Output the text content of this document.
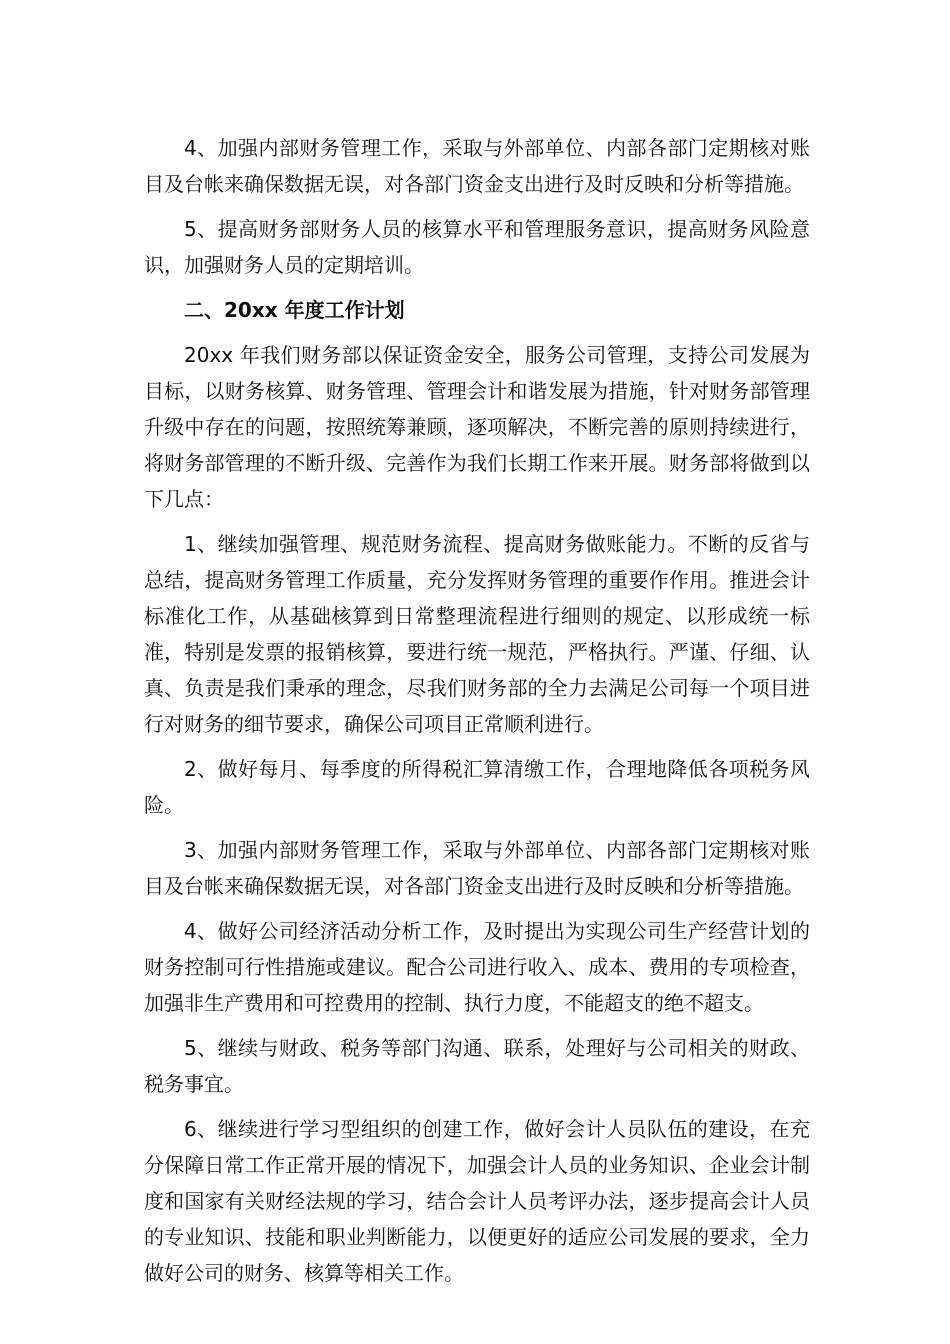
4、加强内部财务管理工作，采取与外部单位、内部各部门定期核对账目及台帐来确保数据无误，对各部门资金支出进行及时反映和分析等措施。

5、提高财务部财务人员的核算水平和管理服务意识，提高财务风险意识，加强财务人员的定期培训。

二、20xx 年度工作计划

20xx 年我们财务部以保证资金安全，服务公司管理，支持公司发展为目标，以财务核算、财务管理、管理会计和谐发展为措施，针对财务部管理升级中存在的问题，按照统筹兼顾，逐项解决，不断完善的原则持续进行，将财务部管理的不断升级、完善作为我们长期工作来开展。财务部将做到以下几点：

1、继续加强管理、规范财务流程、提高财务做账能力。不断的反省与总结，提高财务管理工作质量，充分发挥财务管理的重要作作用。推进会计标准化工作，从基础核算到日常整理流程进行细则的规定、以形成统一标准，特别是发票的报销核算，要进行统一规范，严格执行。严谨、仔细、认真、负责是我们秉承的理念，尽我们财务部的全力去满足公司每一个项目进行对财务的细节要求，确保公司项目正常顺利进行。

2、做好每月、每季度的所得税汇算清缴工作，合理地降低各项税务风险。

3、加强内部财务管理工作，采取与外部单位、内部各部门定期核对账目及台帐来确保数据无误，对各部门资金支出进行及时反映和分析等措施。

4、做好公司经济活动分析工作，及时提出为实现公司生产经营计划的财务控制可行性措施或建议。配合公司进行收入、成本、费用的专项检查，加强非生产费用和可控费用的控制、执行力度，不能超支的绝不超支。

5、继续与财政、税务等部门沟通、联系，处理好与公司相关的财政、税务事宜。

6、继续进行学习型组织的创建工作，做好会计人员队伍的建设，在充分保障日常工作正常开展的情况下，加强会计人员的业务知识、企业会计制度和国家有关财经法规的学习，结合会计人员考评办法，逐步提高会计人员的专业知识、技能和职业判断能力，以便更好的适应公司发展的要求，全力做好公司的财务、核算等相关工作。
